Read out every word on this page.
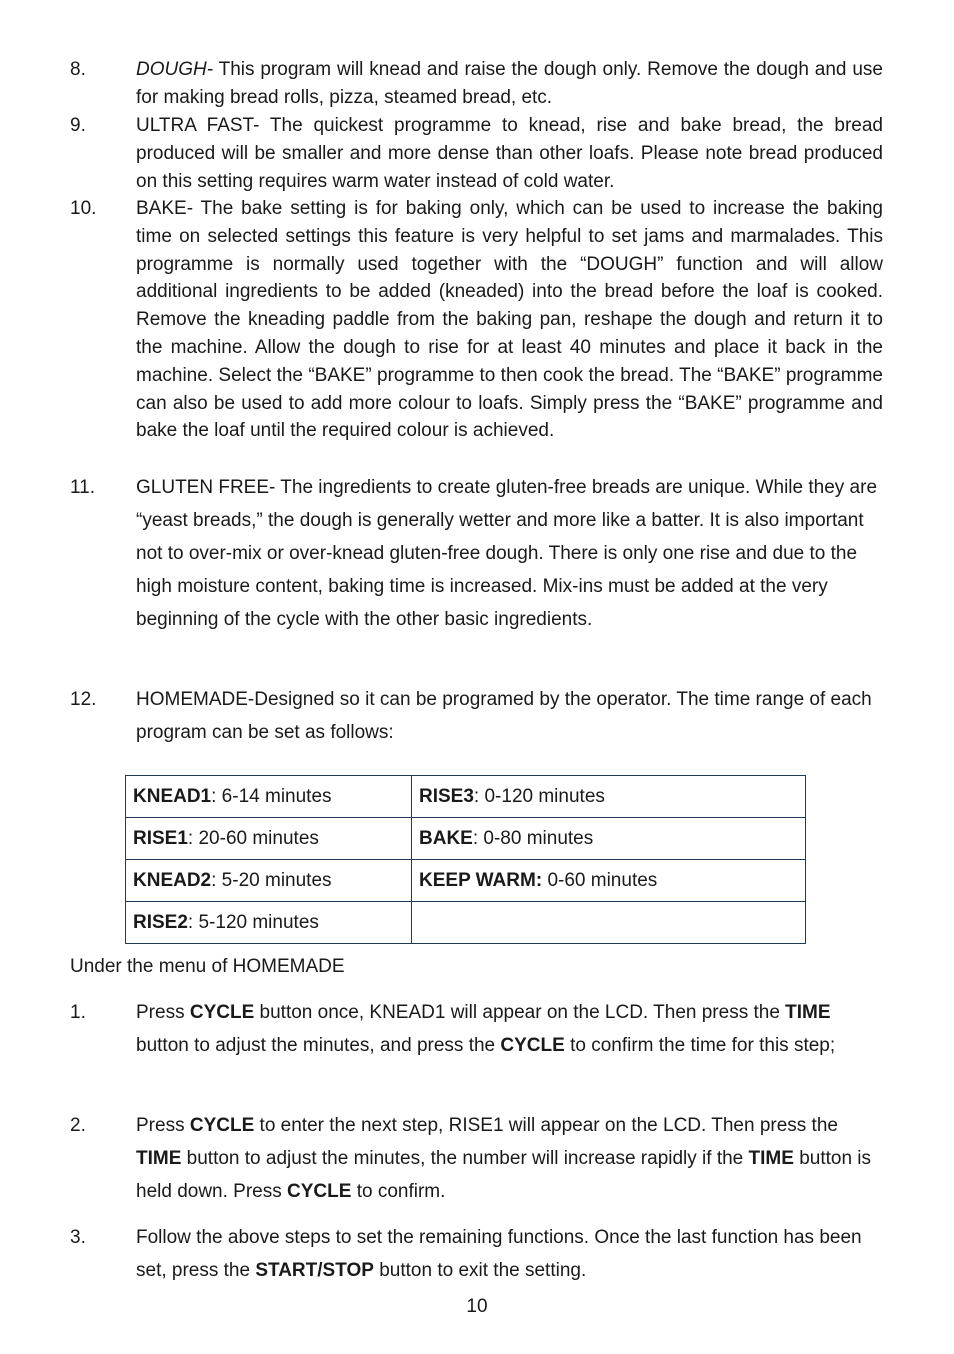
8.	DOUGH- This program will knead and raise the dough only. Remove the dough and use for making bread rolls, pizza, steamed bread, etc.
9.	ULTRA FAST- The quickest programme to knead, rise and bake bread, the bread produced will be smaller and more dense than other loafs. Please note bread produced on this setting requires warm water instead of cold water.
10. BAKE- The bake setting is for baking only, which can be used to increase the baking time on selected settings this feature is very helpful to set jams and marmalades. This programme is normally used together with the “DOUGH” function and will allow additional ingredients to be added (kneaded) into the bread before the loaf is cooked. Remove the kneading paddle from the baking pan, reshape the dough and return it to the machine. Allow the dough to rise for at least 40 minutes and place it back in the machine. Select the “BAKE” programme to then cook the bread. The “BAKE” programme can also be used to add more colour to loafs. Simply press the “BAKE” programme and bake the loaf until the required colour is achieved.
11. GLUTEN FREE- The ingredients to create gluten-free breads are unique. While they are “yeast breads,” the dough is generally wetter and more like a batter. It is also important not to over-mix or over-knead gluten-free dough. There is only one rise and due to the high moisture content, baking time is increased. Mix-ins must be added at the very beginning of the cycle with the other basic ingredients.
12. HOMEMADE-Designed so it can be programed by the operator. The time range of each program can be set as follows:
KNEAD1: 6-14 minutes	RISE3: 0-120 minutes
RISE1: 20-60 minutes	BAKE: 0-80 minutes
KNEAD2: 5-20 minutes	KEEP WARM: 0-60 minutes
RISE2: 5-120 minutes	
Under the menu of HOMEMADE
1.	Press CYCLE button once, KNEAD1 will appear on the LCD. Then press the TIME button to adjust the minutes, and press the CYCLE to confirm the time for this step;
2.	Press CYCLE to enter the next step, RISE1 will appear on the LCD. Then press the TIME button to adjust the minutes, the number will increase rapidly if the TIME button is held down. Press CYCLE to confirm.
3.	Follow the above steps to set the remaining functions. Once the last function has been set, press the START/STOP button to exit the setting.
10
